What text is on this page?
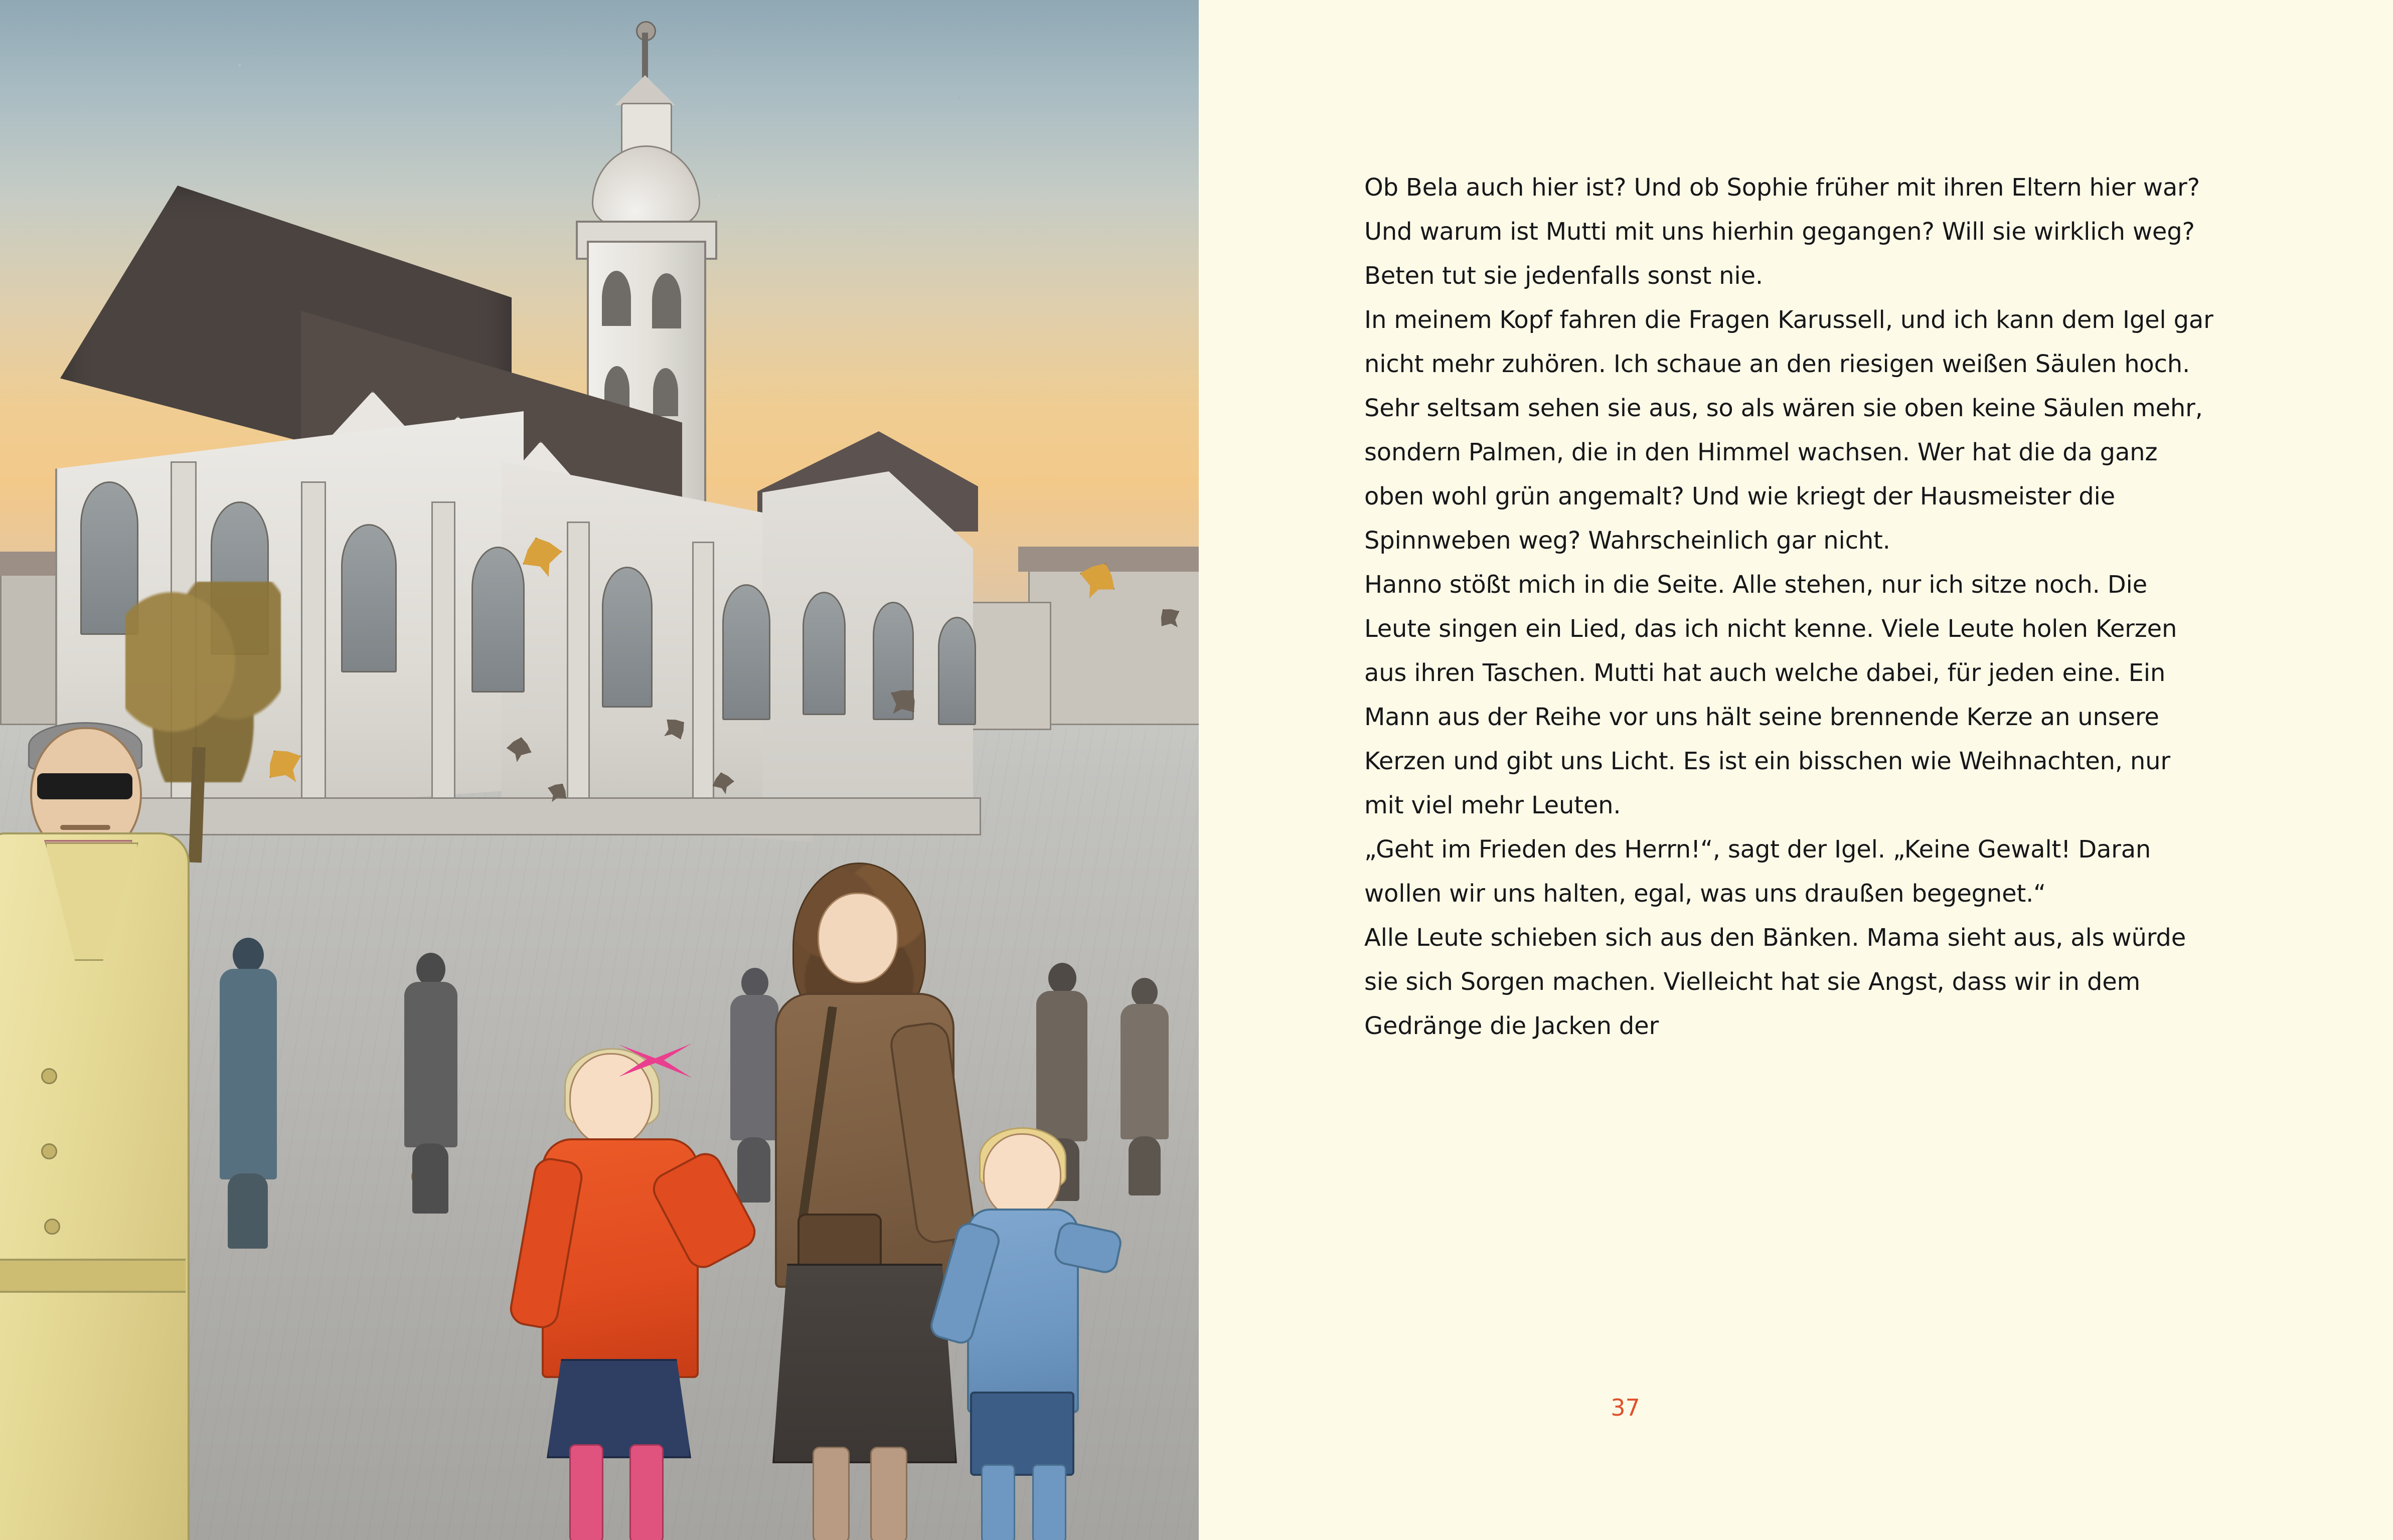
Ob Bela auch hier ist? Und ob Sophie früher mit ihren Eltern hier war? Und warum ist Mutti mit uns hierhin gegangen? Will sie wirklich weg? Beten tut sie jedenfalls sonst nie.

In meinem Kopf fahren die Fragen Karussell, und ich kann dem Igel gar nicht mehr zuhören. Ich schaue an den riesigen weißen Säulen hoch. Sehr seltsam sehen sie aus, so als wären sie oben keine Säulen mehr, sondern Palmen, die in den Himmel wachsen. Wer hat die da ganz oben wohl grün angemalt? Und wie kriegt der Hausmeister die Spinnweben weg? Wahrscheinlich gar nicht.

Hanno stößt mich in die Seite. Alle stehen, nur ich sitze noch. Die Leute singen ein Lied, das ich nicht kenne. Viele Leute holen Kerzen aus ihren Taschen. Mutti hat auch welche dabei, für jeden eine. Ein Mann aus der Reihe vor uns hält seine brennende Kerze an unsere Kerzen und gibt uns Licht. Es ist ein bisschen wie Weihnachten, nur mit viel mehr Leuten.

„Geht im Frieden des Herrn!“, sagt der Igel. „Keine Gewalt! Daran wollen wir uns halten, egal, was uns draußen begegnet.“

Alle Leute schieben sich aus den Bänken. Mama sieht aus, als würde sie sich Sorgen machen. Vielleicht hat sie Angst, dass wir in dem Gedränge die Jacken der

37
